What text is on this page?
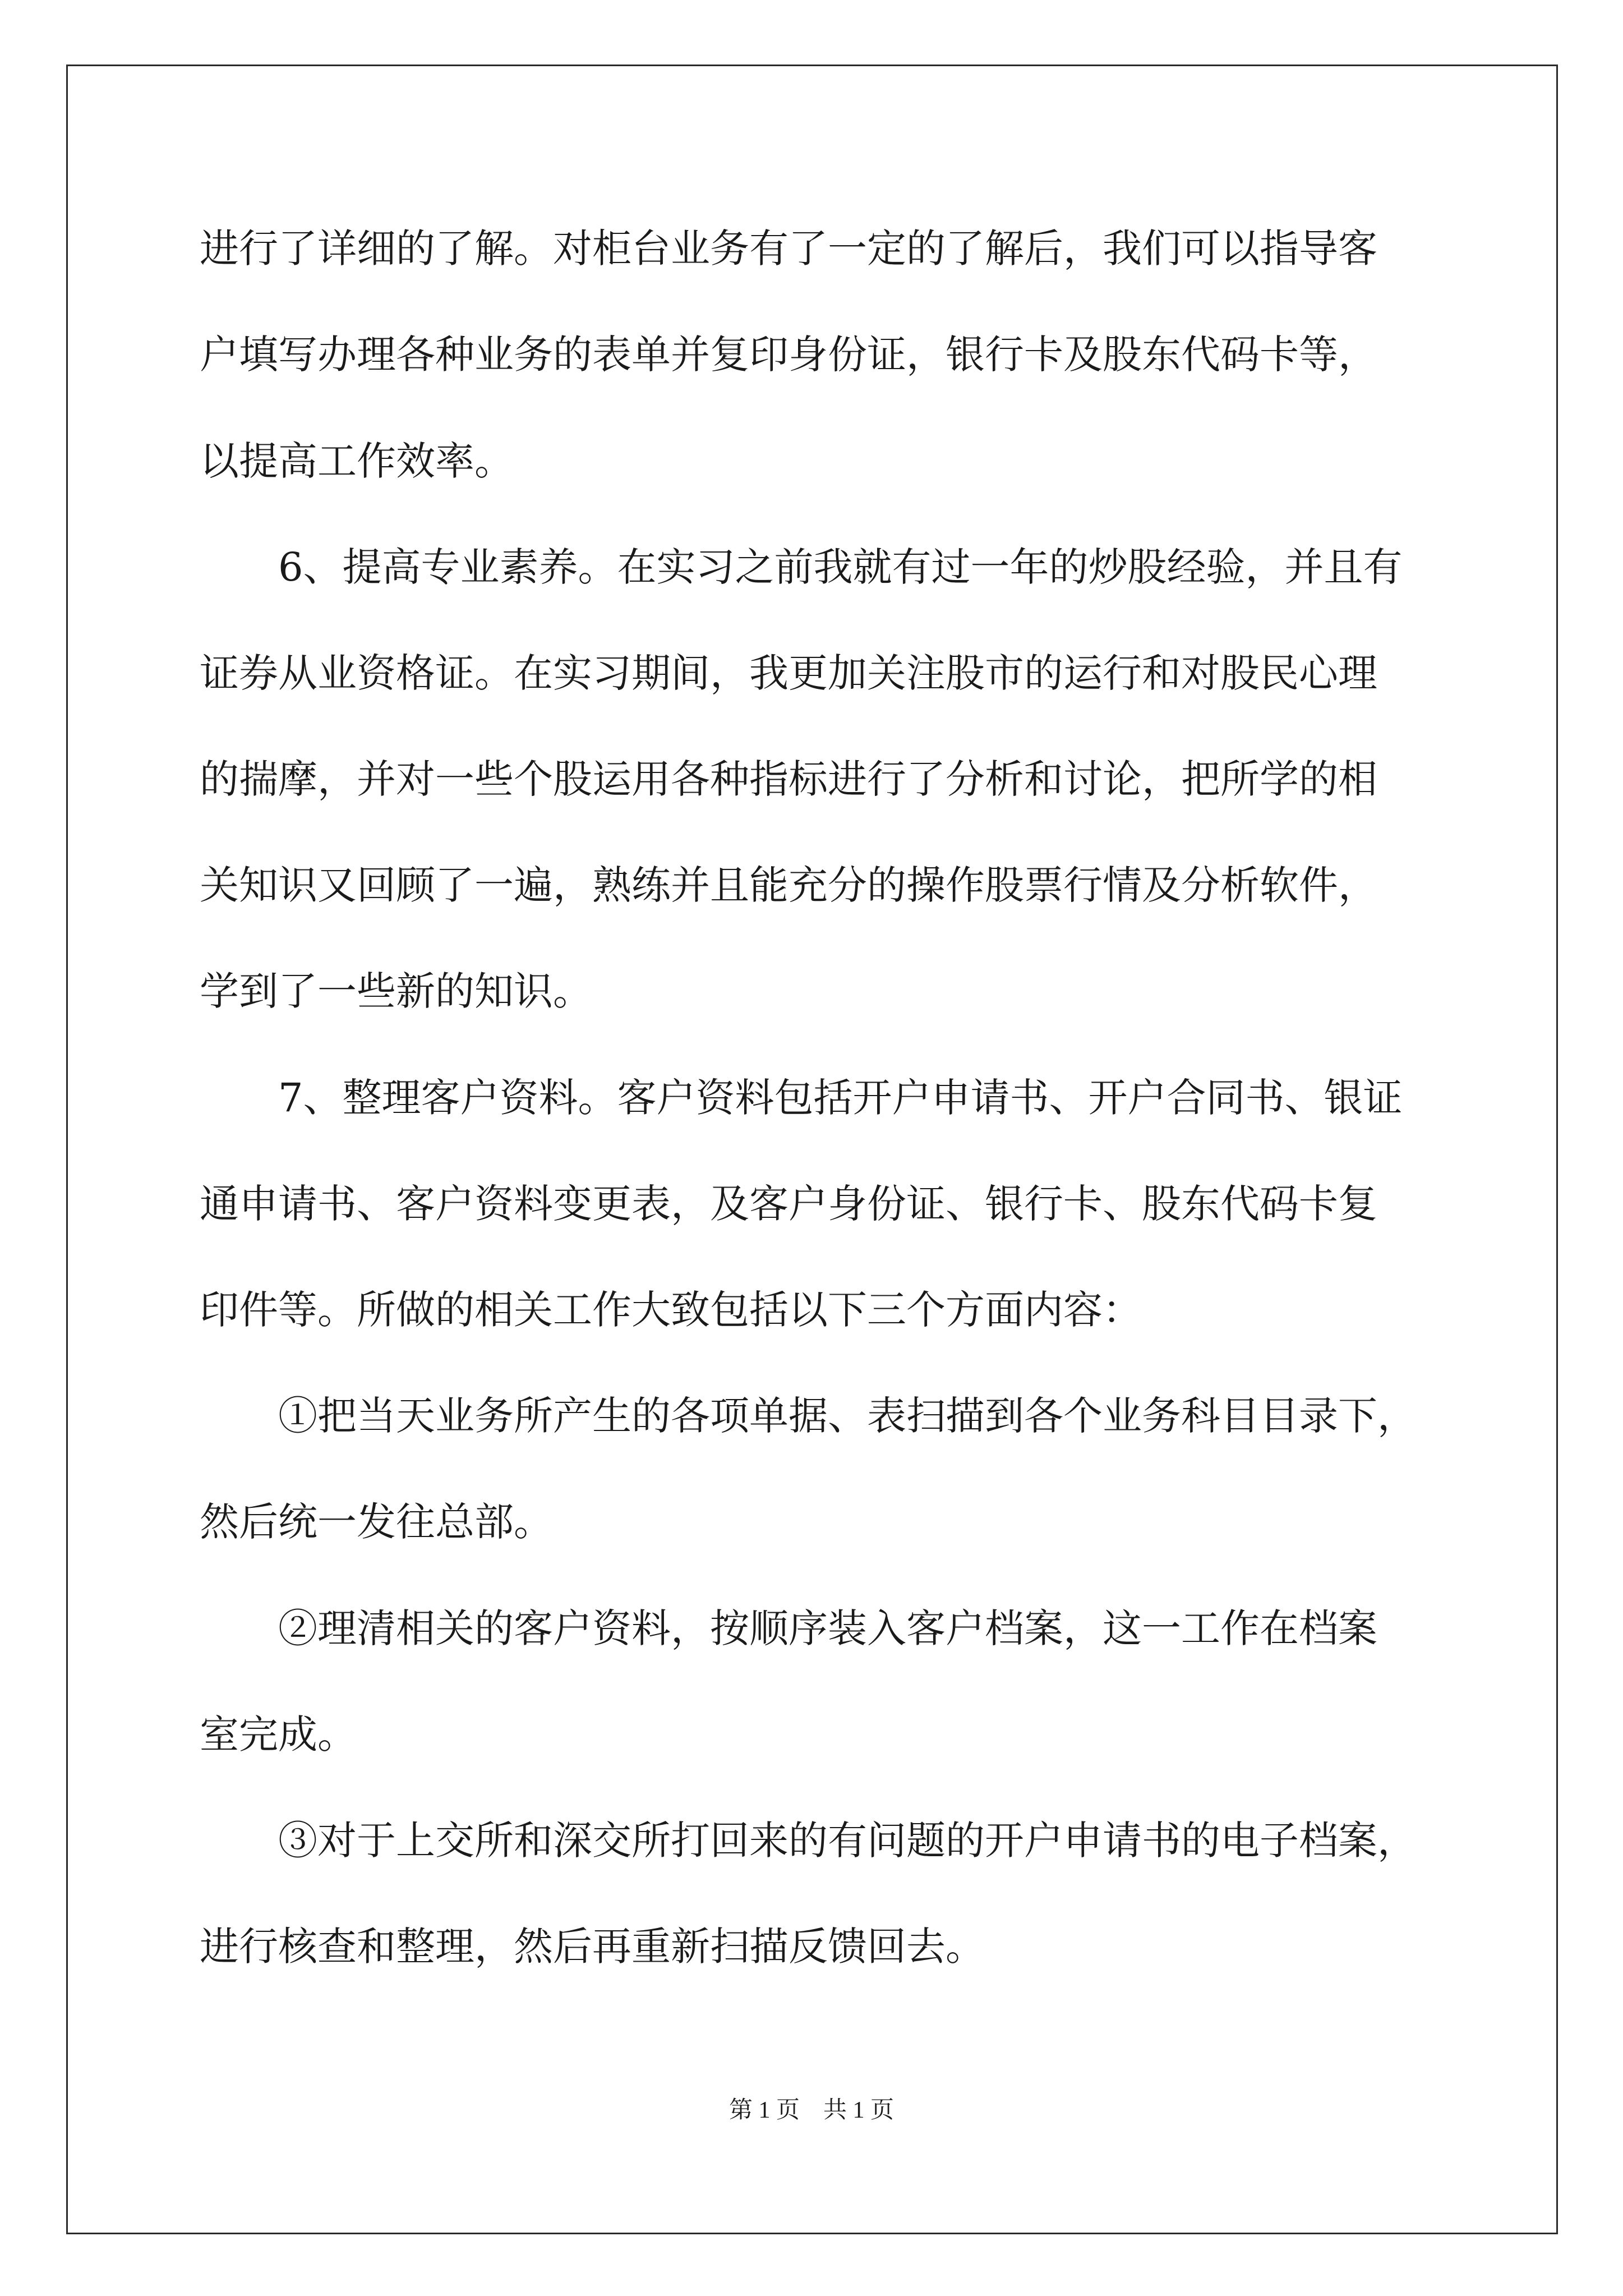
进行了详细的了解。对柜台业务有了一定的了解后，我们可以指导客

户填写办理各种业务的表单并复印身份证，银行卡及股东代码卡等，

以提高工作效率。

　　6、提高专业素养。在实习之前我就有过一年的炒股经验，并且有

证券从业资格证。在实习期间，我更加关注股市的运行和对股民心理

的揣摩，并对一些个股运用各种指标进行了分析和讨论，把所学的相

关知识又回顾了一遍，熟练并且能充分的操作股票行情及分析软件，

学到了一些新的知识。

　　7、整理客户资料。客户资料包括开户申请书、开户合同书、银证

通申请书、客户资料变更表，及客户身份证、银行卡、股东代码卡复

印件等。所做的相关工作大致包括以下三个方面内容：

　　①把当天业务所产生的各项单据、表扫描到各个业务科目目录下，

然后统一发往总部。

　　②理清相关的客户资料，按顺序装入客户档案，这一工作在档案

室完成。

　　③对于上交所和深交所打回来的有问题的开户申请书的电子档案，

进行核查和整理，然后再重新扫描反馈回去。

第 1 页　共 1 页
